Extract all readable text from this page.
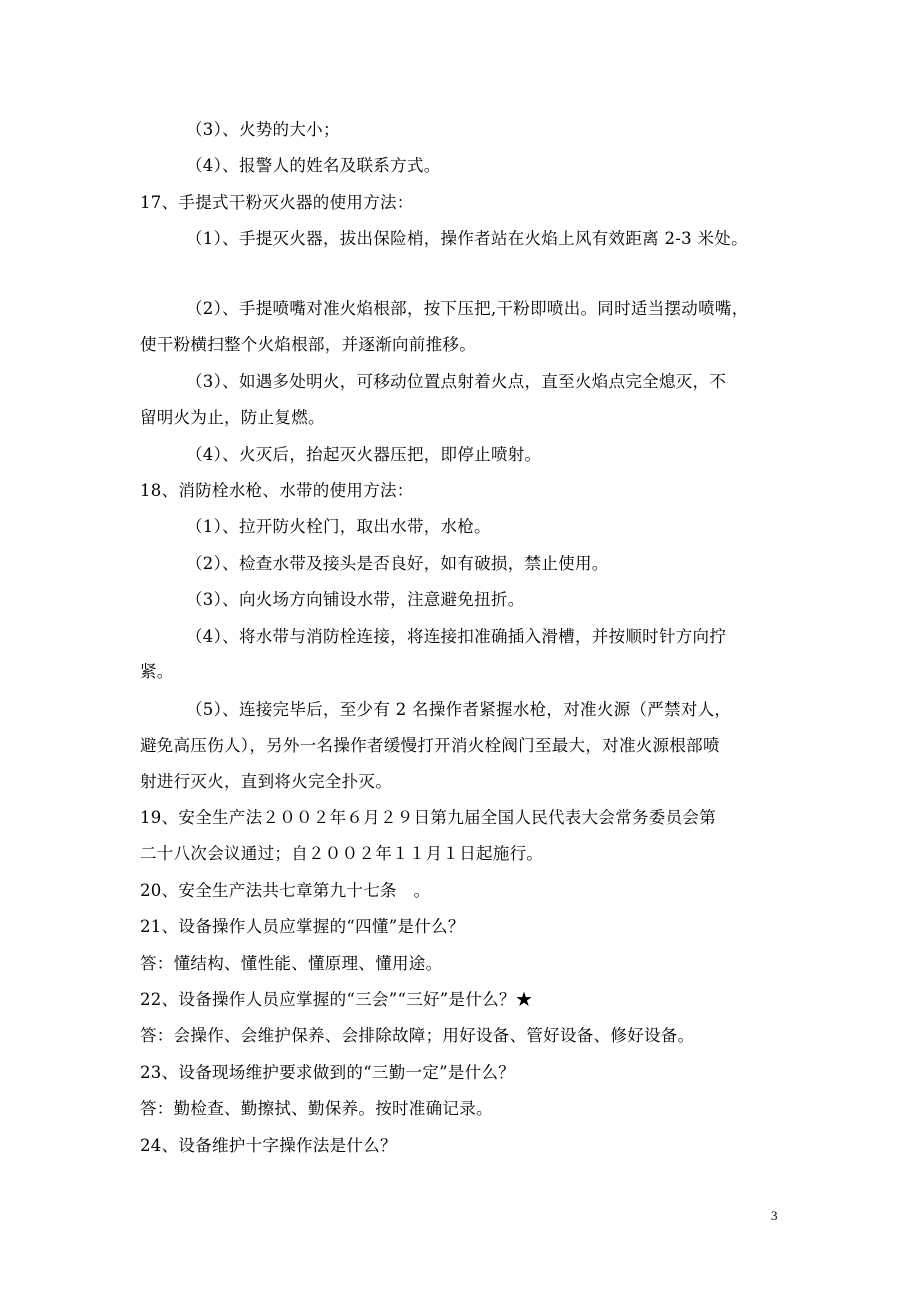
（3）、火势的大小；
（4）、报警人的姓名及联系方式。
17、手提式干粉灭火器的使用方法：
（1）、手提灭火器，拔出保险梢，操作者站在火焰上风有效距离 2-3 米处。
（2）、手提喷嘴对准火焰根部，按下压把,干粉即喷出。同时适当摆动喷嘴，
使干粉横扫整个火焰根部，并逐渐向前推移。
（3）、如遇多处明火，可移动位置点射着火点，直至火焰点完全熄灭，不
留明火为止，防止复燃。
（4）、火灭后，抬起灭火器压把，即停止喷射。
18、消防栓水枪、水带的使用方法：
（1）、拉开防火栓门，取出水带，水枪。
（2）、检查水带及接头是否良好，如有破损，禁止使用。
（3）、向火场方向铺设水带，注意避免扭折。
（4）、将水带与消防栓连接，将连接扣准确插入滑槽，并按顺时针方向拧
紧。
（5）、连接完毕后，至少有 2 名操作者紧握水枪，对准火源（严禁对人，
避免高压伤人），另外一名操作者缓慢打开消火栓阀门至最大，对准火源根部喷
射进行灭火，直到将火完全扑灭。
19、安全生产法２００２年６月２９日第九届全国人民代表大会常务委员会第
二十八次会议通过；自２００２年１１月１日起施行。
20、安全生产法共七章第九十七条　。
21、设备操作人员应掌握的“四懂”是什么？
答：懂结构、懂性能、懂原理、懂用途。
22、设备操作人员应掌握的“三会”“三好”是什么？★
答：会操作、会维护保养、会排除故障；用好设备、管好设备、修好设备。
23、设备现场维护要求做到的“三勤一定”是什么？
答：勤检查、勤擦拭、勤保养。按时准确记录。
24、设备维护十字操作法是什么？
3
